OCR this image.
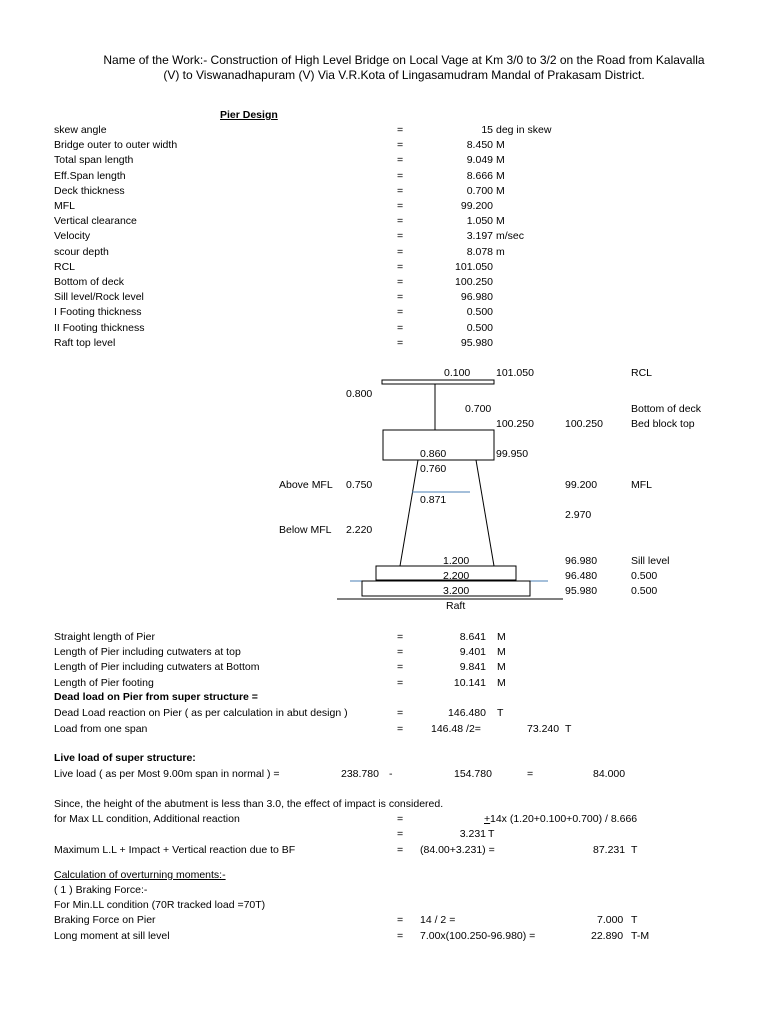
Name of the Work:- Construction of High Level Bridge on Local Vage at Km 3/0 to 3/2 on the Road from Kalavalla
(V) to Viswanadhapuram (V) Via V.R.Kota of Lingasamudram Mandal of Prakasam District.
Pier Design
skew angle	=	15 deg in skew
Bridge outer to outer width	=	8.450 M
Total span length	=	9.049 M
Eff.Span length	=	8.666 M
Deck thickness	=	0.700 M
MFL	=	99.200
Vertical clearance	=	1.050 M
Velocity	=	3.197 m/sec
scour depth	=	8.078 m
RCL	=	101.050
Bottom of deck	=	100.250
Sill level/Rock level	=	96.980
I Footing thickness	=	0.500
II Footing thickness	=	0.500
Raft top level	=	95.980
0.100 101.050	RCL
0.800
0.700	Bottom of deck
100.250	100.250	Bed block top
0.860	99.950
0.760
Above MFL 0.750	99.200	MFL
0.871
2.970
Below MFL 2.220
1.200	96.980	Sill level
2.200	96.480	0.500
3.200	95.980	0.500
Raft
Straight length of Pier	=	8.641 M
Length of Pier including cutwaters at top	=	9.401 M
Length of Pier including cutwaters at Bottom	=	9.841 M
Length of Pier footing	=	10.141 M
Dead load on Pier from super structure =
Dead Load reaction on Pier ( as per calculation in abut design )	=	146.480 T
Load from one span	=	146.48 /2=	73.240 T
Live load of super structure:
Live load ( as per Most 9.00m span in normal ) =	238.780 -	154.780	=	84.000
Since, the height of the abutment is less than 3.0, the effect of impact is considered.
for Max LL condition, Additional reaction	=	+ 14x (1.20+0.100+0.700) / 8.666
=	3.231 T
Maximum L.L + Impact + Vertical reaction due to BF	= (84.00+3.231) =	87.231 T
Calculation of overturning moments:-
( 1 ) Braking Force:-
For Min.LL condition (70R tracked load =70T)
Braking Force on Pier	= 14 / 2 =	7.000 T
Long moment at sill level	= 7.00x(100.250-96.980) =	22.890 T-M
